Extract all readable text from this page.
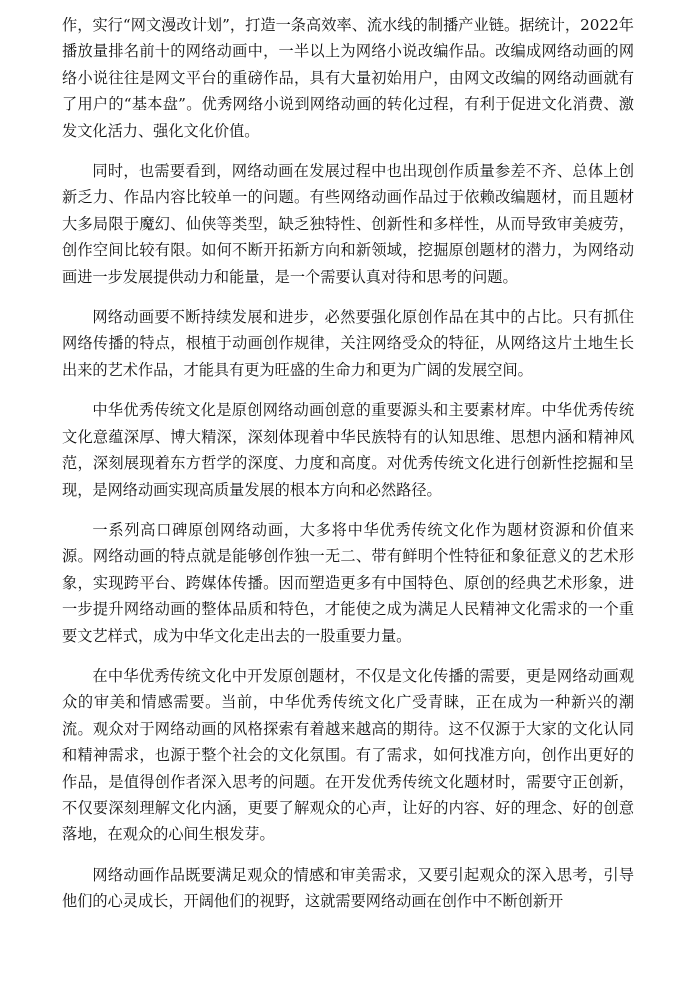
作，实行“网文漫改计划”，打造一条高效率、流水线的制播产业链。据统计，2022年播放量排名前十的网络动画中，一半以上为网络小说改编作品。改编成网络动画的网络小说往往是网文平台的重磅作品，具有大量初始用户，由网文改编的网络动画就有了用户的“基本盘”。优秀网络小说到网络动画的转化过程，有利于促进文化消费、激发文化活力、强化文化价值。

同时，也需要看到，网络动画在发展过程中也出现创作质量参差不齐、总体上创新乏力、作品内容比较单一的问题。有些网络动画作品过于依赖改编题材，而且题材大多局限于魔幻、仙侠等类型，缺乏独特性、创新性和多样性，从而导致审美疲劳，创作空间比较有限。如何不断开拓新方向和新领域，挖掘原创题材的潜力，为网络动画进一步发展提供动力和能量，是一个需要认真对待和思考的问题。

网络动画要不断持续发展和进步，必然要强化原创作品在其中的占比。只有抓住网络传播的特点，根植于动画创作规律，关注网络受众的特征，从网络这片土地生长出来的艺术作品，才能具有更为旺盛的生命力和更为广阔的发展空间。

中华优秀传统文化是原创网络动画创意的重要源头和主要素材库。中华优秀传统文化意蕴深厚、博大精深，深刻体现着中华民族特有的认知思维、思想内涵和精神风范，深刻展现着东方哲学的深度、力度和高度。对优秀传统文化进行创新性挖掘和呈现，是网络动画实现高质量发展的根本方向和必然路径。

一系列高口碑原创网络动画，大多将中华优秀传统文化作为题材资源和价值来源。网络动画的特点就是能够创作独一无二、带有鲜明个性特征和象征意义的艺术形象，实现跨平台、跨媒体传播。因而塑造更多有中国特色、原创的经典艺术形象，进一步提升网络动画的整体品质和特色，才能使之成为满足人民精神文化需求的一个重要文艺样式，成为中华文化走出去的一股重要力量。

在中华优秀传统文化中开发原创题材，不仅是文化传播的需要，更是网络动画观众的审美和情感需要。当前，中华优秀传统文化广受青睐，正在成为一种新兴的潮流。观众对于网络动画的风格探索有着越来越高的期待。这不仅源于大家的文化认同和精神需求，也源于整个社会的文化氛围。有了需求，如何找准方向，创作出更好的作品，是值得创作者深入思考的问题。在开发优秀传统文化题材时，需要守正创新，不仅要深刻理解文化内涵，更要了解观众的心声，让好的内容、好的理念、好的创意落地，在观众的心间生根发芽。

网络动画作品既要满足观众的情感和审美需求，又要引起观众的深入思考，引导他们的心灵成长，开阔他们的视野，这就需要网络动画在创作中不断创新开
